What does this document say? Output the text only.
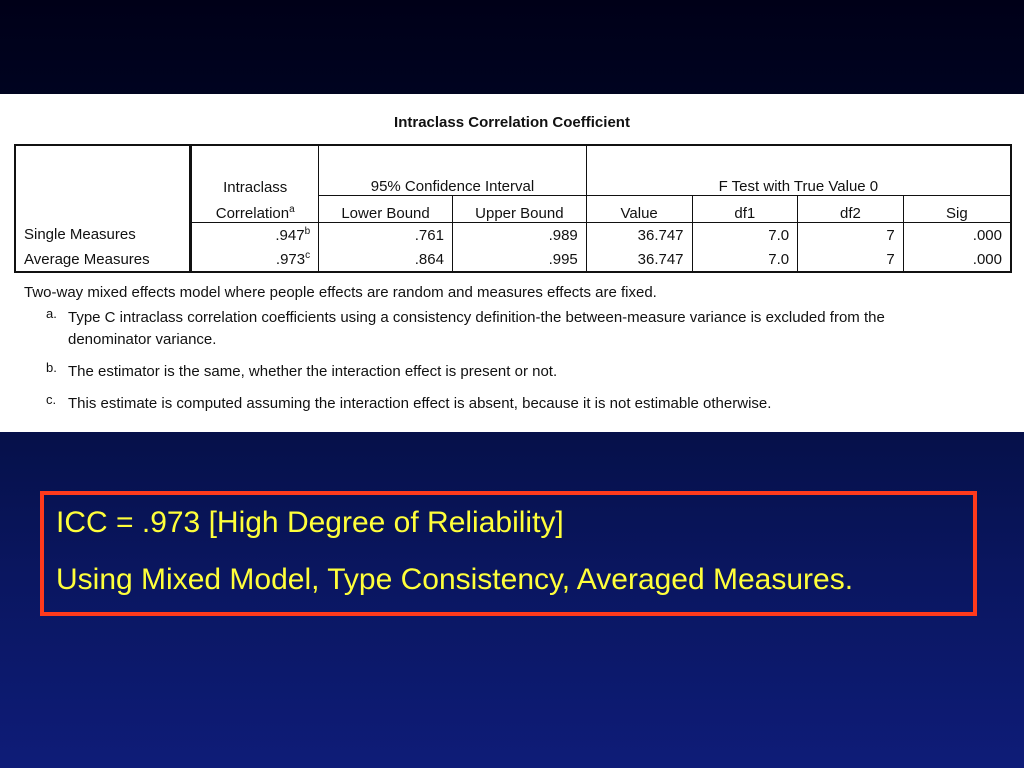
Intraclass Correlation Coefficient
	Intraclass	95% Confidence Interval		F Test with True Value 0			
	Correlation$^a$	Lower Bound	Upper Bound	Value	df1	df2	Sig
Single Measures	.947$^b$	.761	.989	36.747	7.0	7	.000
Average Measures	.973$^c$	.864	.995	36.747	7.0	7	.000
Two-way mixed effects model where people effects are random and measures effects are fixed.
a. Type C intraclass correlation coefficients using a consistency definition-the between-measure variance is excluded from the denominator variance.
b. The estimator is the same, whether the interaction effect is present or not.
c. This estimate is computed assuming the interaction effect is absent, because it is not estimable otherwise.
ICC = .973 [High Degree of Reliability]
Using Mixed Model, Type Consistency, Averaged Measures.
